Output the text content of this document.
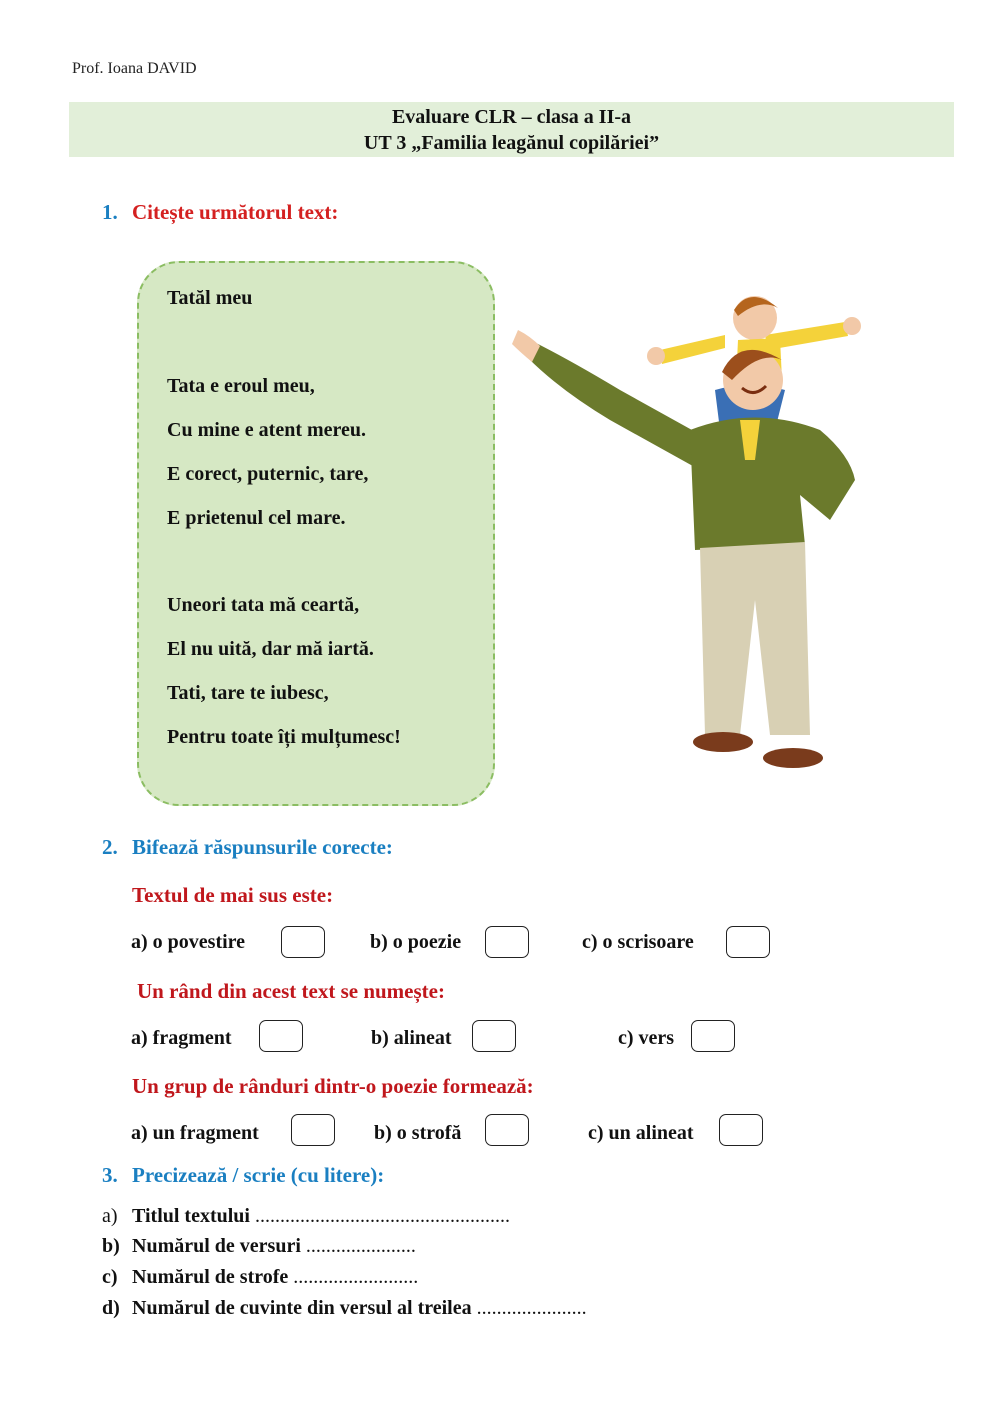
Prof. Ioana DAVID
Evaluare CLR – clasa a II-a
UT 3 „Familia leagănul copilăriei”
1. Citește următorul text:
Tatăl meu
Tata e eroul meu,
Cu mine e atent mereu.
E corect, puternic, tare,
E prietenul cel mare.
Uneori tata mă ceartă,
El nu uită, dar mă iartă.
Tati, tare te iubesc,
Pentru toate îți mulțumesc!
2. Bifează răspunsurile corecte:
Textul de mai sus este:
a) o povestire	b) o poezie	c) o scrisoare
Un rând din acest text se numește:
a) fragment	b) alineat	c) vers
Un grup de rânduri dintr-o poezie formează:
a) un fragment	b) o strofă	c) un alineat
3. Precizează / scrie (cu litere):
a) Titlul textului ...................................................
b) Numărul de versuri ......................
c) Numărul de strofe .........................
d) Numărul de cuvinte din versul al treilea ......................
